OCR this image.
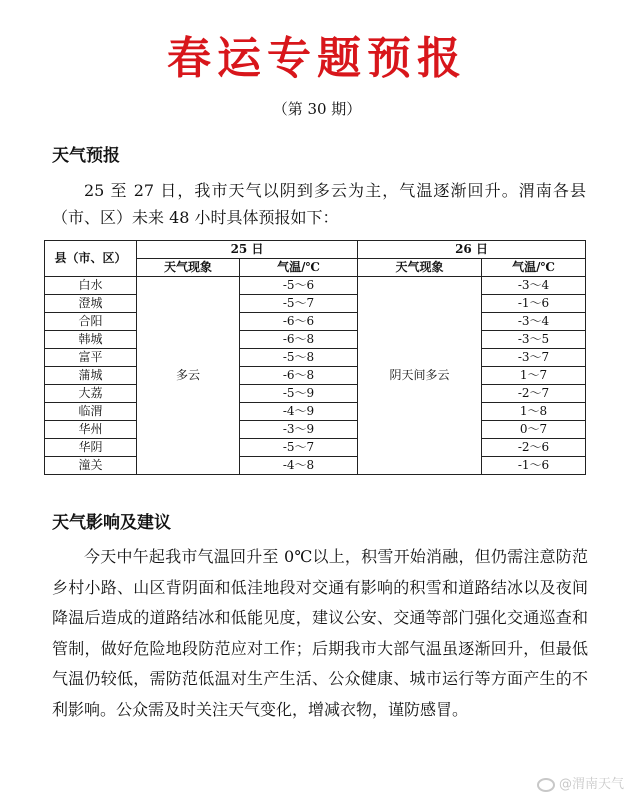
春运专题预报
（第 30 期）
天气预报

25 至 27 日，我市天气以阴到多云为主，气温逐渐回升。渭南各县（市、区）未来 48 小时具体预报如下：

县（市、区）	25 日		26 日	
	天气现象	气温/℃	天气现象	气温/℃
白水	多云	-5～6	阴天间多云	-3～4
澄城		-5～7		-1～6
合阳		-6～6		-3～4
韩城		-6～8		-3～5
富平		-5～8		-3～7
蒲城		-6～8		1～7
大荔		-5～9		-2～7
临渭		-4～9		1～8
华州		-3～9		0～7
华阴		-5～7		-2～6
潼关		-4～8		-1～6
天气影响及建议

今天中午起我市气温回升至 0℃以上，积雪开始消融，但仍需注意防范乡村小路、山区背阴面和低洼地段对交通有影响的积雪和道路结冰以及夜间降温后造成的道路结冰和低能见度，建议公安、交通等部门强化交通巡查和管制，做好危险地段防范应对工作；后期我市大部气温虽逐渐回升，但最低气温仍较低，需防范低温对生产生活、公众健康、城市运行等方面产生的不利影响。公众需及时关注天气变化，增减衣物，谨防感冒。

@渭南天气
